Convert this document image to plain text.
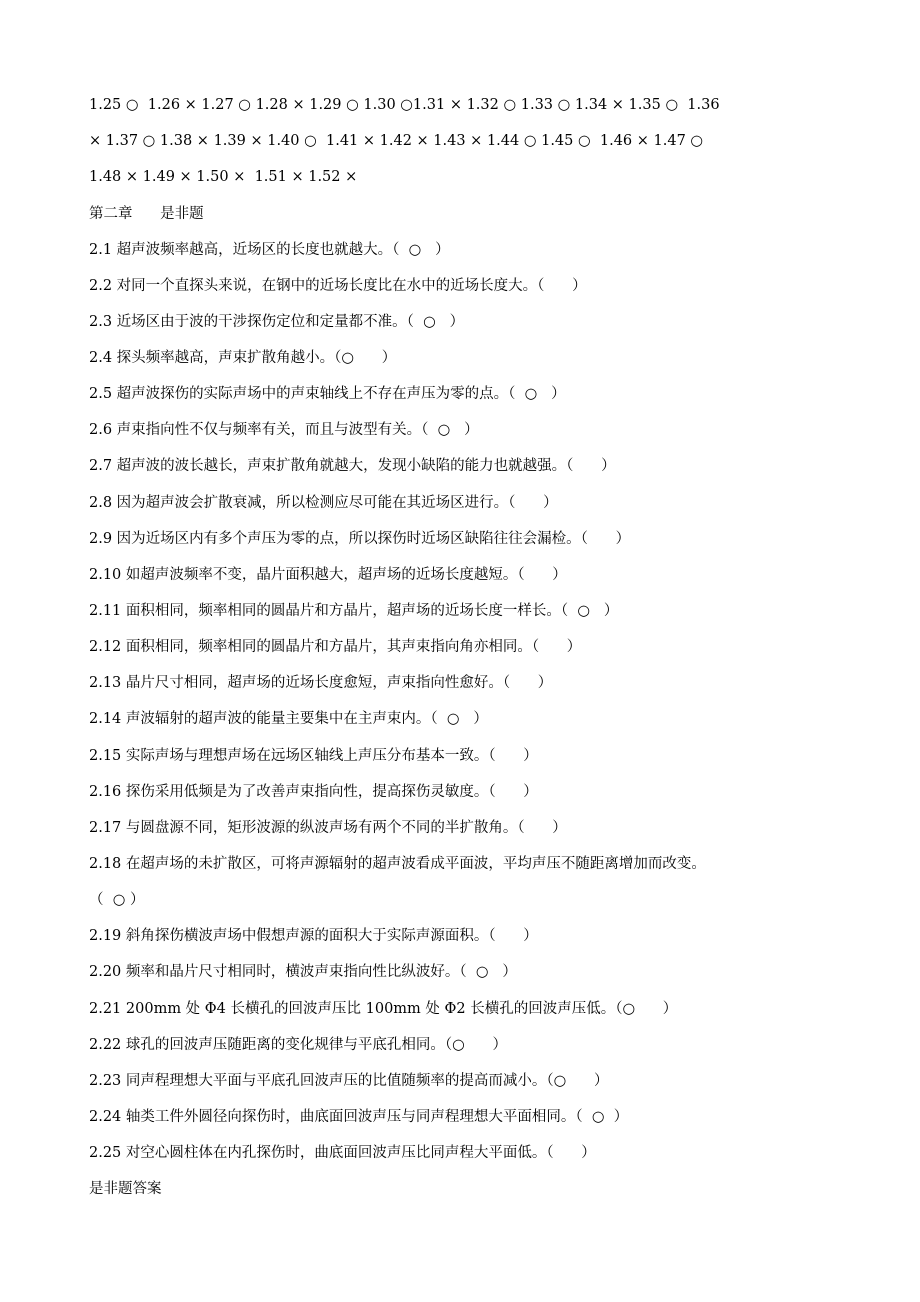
1.25 ○  1.26 × 1.27 ○ 1.28 × 1.29 ○ 1.30 ○1.31 × 1.32 ○ 1.33 ○ 1.34 × 1.35 ○  1.36
× 1.37 ○ 1.38 × 1.39 × 1.40 ○  1.41 × 1.42 × 1.43 × 1.44 ○ 1.45 ○  1.46 × 1.47 ○
1.48 × 1.49 × 1.50 ×  1.51 × 1.52 ×
第二章      是非题
2.1 超声波频率越高，近场区的长度也就越大。（  ○   ）
2.2 对同一个直探头来说，在钢中的近场长度比在水中的近场长度大。（      ）
2.3 近场区由于波的干涉探伤定位和定量都不准。（  ○   ）
2.4 探头频率越高，声束扩散角越小。（○      ）
2.5 超声波探伤的实际声场中的声束轴线上不存在声压为零的点。（  ○   ）
2.6 声束指向性不仅与频率有关，而且与波型有关。（  ○   ）
2.7 超声波的波长越长，声束扩散角就越大，发现小缺陷的能力也就越强。（      ）
2.8 因为超声波会扩散衰减，所以检测应尽可能在其近场区进行。（      ）
2.9 因为近场区内有多个声压为零的点，所以探伤时近场区缺陷往往会漏检。（      ）
2.10 如超声波频率不变，晶片面积越大，超声场的近场长度越短。（      ）
2.11 面积相同，频率相同的圆晶片和方晶片，超声场的近场长度一样长。（  ○   ）
2.12 面积相同，频率相同的圆晶片和方晶片，其声束指向角亦相同。（      ）
2.13 晶片尺寸相同，超声场的近场长度愈短，声束指向性愈好。（      ）
2.14 声波辐射的超声波的能量主要集中在主声束内。（  ○   ）
2.15 实际声场与理想声场在远场区轴线上声压分布基本一致。（      ）
2.16 探伤采用低频是为了改善声束指向性，提高探伤灵敏度。（      ）
2.17 与圆盘源不同，矩形波源的纵波声场有两个不同的半扩散角。（      ）
2.18 在超声场的未扩散区，可将声源辐射的超声波看成平面波，平均声压不随距离增加而改变。
（  ○ ）
2.19 斜角探伤横波声场中假想声源的面积大于实际声源面积。（      ）
2.20 频率和晶片尺寸相同时，横波声束指向性比纵波好。（  ○   ）
2.21 200mm 处 Φ4 长横孔的回波声压比 100mm 处 Φ2 长横孔的回波声压低。（○      ）
2.22 球孔的回波声压随距离的变化规律与平底孔相同。（○      ）
2.23 同声程理想大平面与平底孔回波声压的比值随频率的提高而减小。（○      ）
2.24 轴类工件外圆径向探伤时，曲底面回波声压与同声程理想大平面相同。（  ○  ）
2.25 对空心圆柱体在内孔探伤时，曲底面回波声压比同声程大平面低。（      ）
是非题答案
